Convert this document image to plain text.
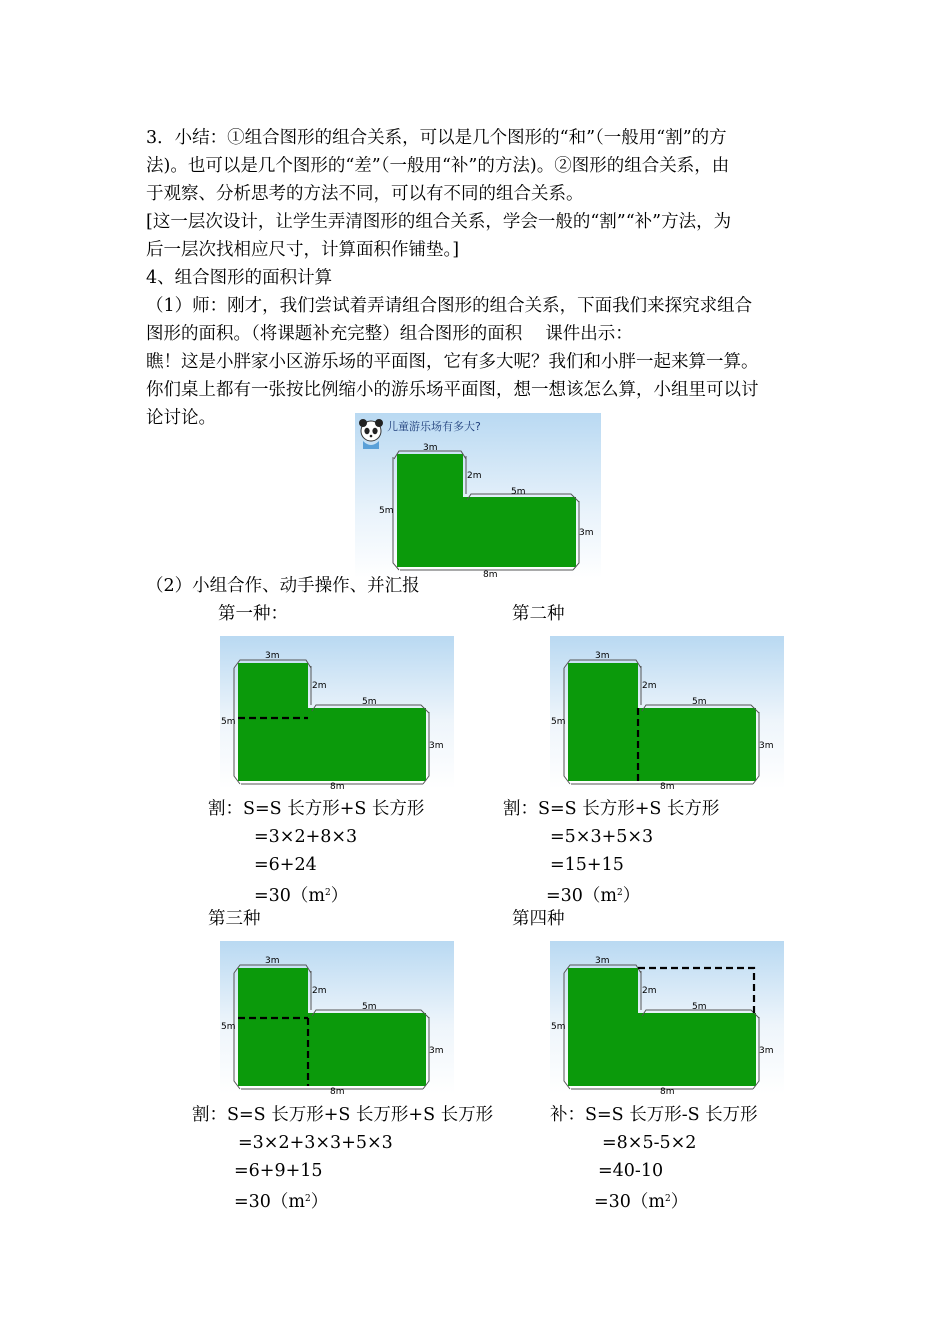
3．小结：①组合图形的组合关系，可以是几个图形的“和”（一般用“割”的方

法)。也可以是几个图形的“差”（一般用“补”的方法)。②图形的组合关系，由

于观察、分析思考的方法不同，可以有不同的组合关系。

[这一层次设计，让学生弄清图形的组合关系，学会一般的“割”“补”方法，为

后一层次找相应尺寸，计算面积作铺垫。]

4、组合图形的面积计算

（1）师：刚才，我们尝试着弄请组合图形的组合关系，下面我们来探究求组合

图形的面积。（将课题补充完整）组合图形的面积　 课件出示：

瞧！这是小胖家小区游乐场的平面图，它有多大呢？我们和小胖一起来算一算。

你们桌上都有一张按比例缩小的游乐场平面图，想一想该怎么算，小组里可以讨

论讨论。	儿童游乐场有多大?
3m
2m
5m
5m
3m
8m

（2）小组合作、动手操作、并汇报

第一种：	第二种

第三种	第四种

3m
2m
5m
5m
3m
8m
3m
2m
5m
5m
3m
8m
3m
2m
5m
5m
3m
8m
3m
2m
5m
5m
3m
8m

割：S=S 长方形+S 长方形

=3×2+8×3

=6+24

$=30(m^2)$

割：S=S 长方形+S 长方形

=5×3+5×3

=15+15

$=30(m^2)$

割：S=S 长万形+S 长万形+S 长万形

=3×2+3×3+5×3

=6+9+15

$=30(m^2)$

补：S=S 长万形-S 长万形

=8×5-5×2

=40-10

$=30(m^2)$
